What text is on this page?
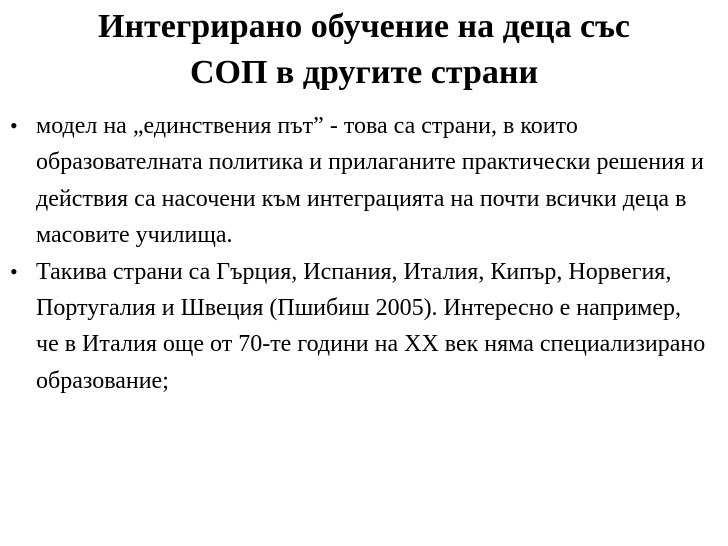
Интегрирано обучение на деца със
СОП в другите страни
• модел на „единствения път” - това са страни, в които образователната политика и прилаганите практически решения и действия са насочени към интеграцията на почти всички деца в масовите училища.
• Такива страни са Гърция, Испания, Италия, Кипър, Норвегия, Португалия и Швеция (Пшибиш 2005). Интересно е например, че в Италия още от 70-те години на ХХ век няма специализирано образование;
